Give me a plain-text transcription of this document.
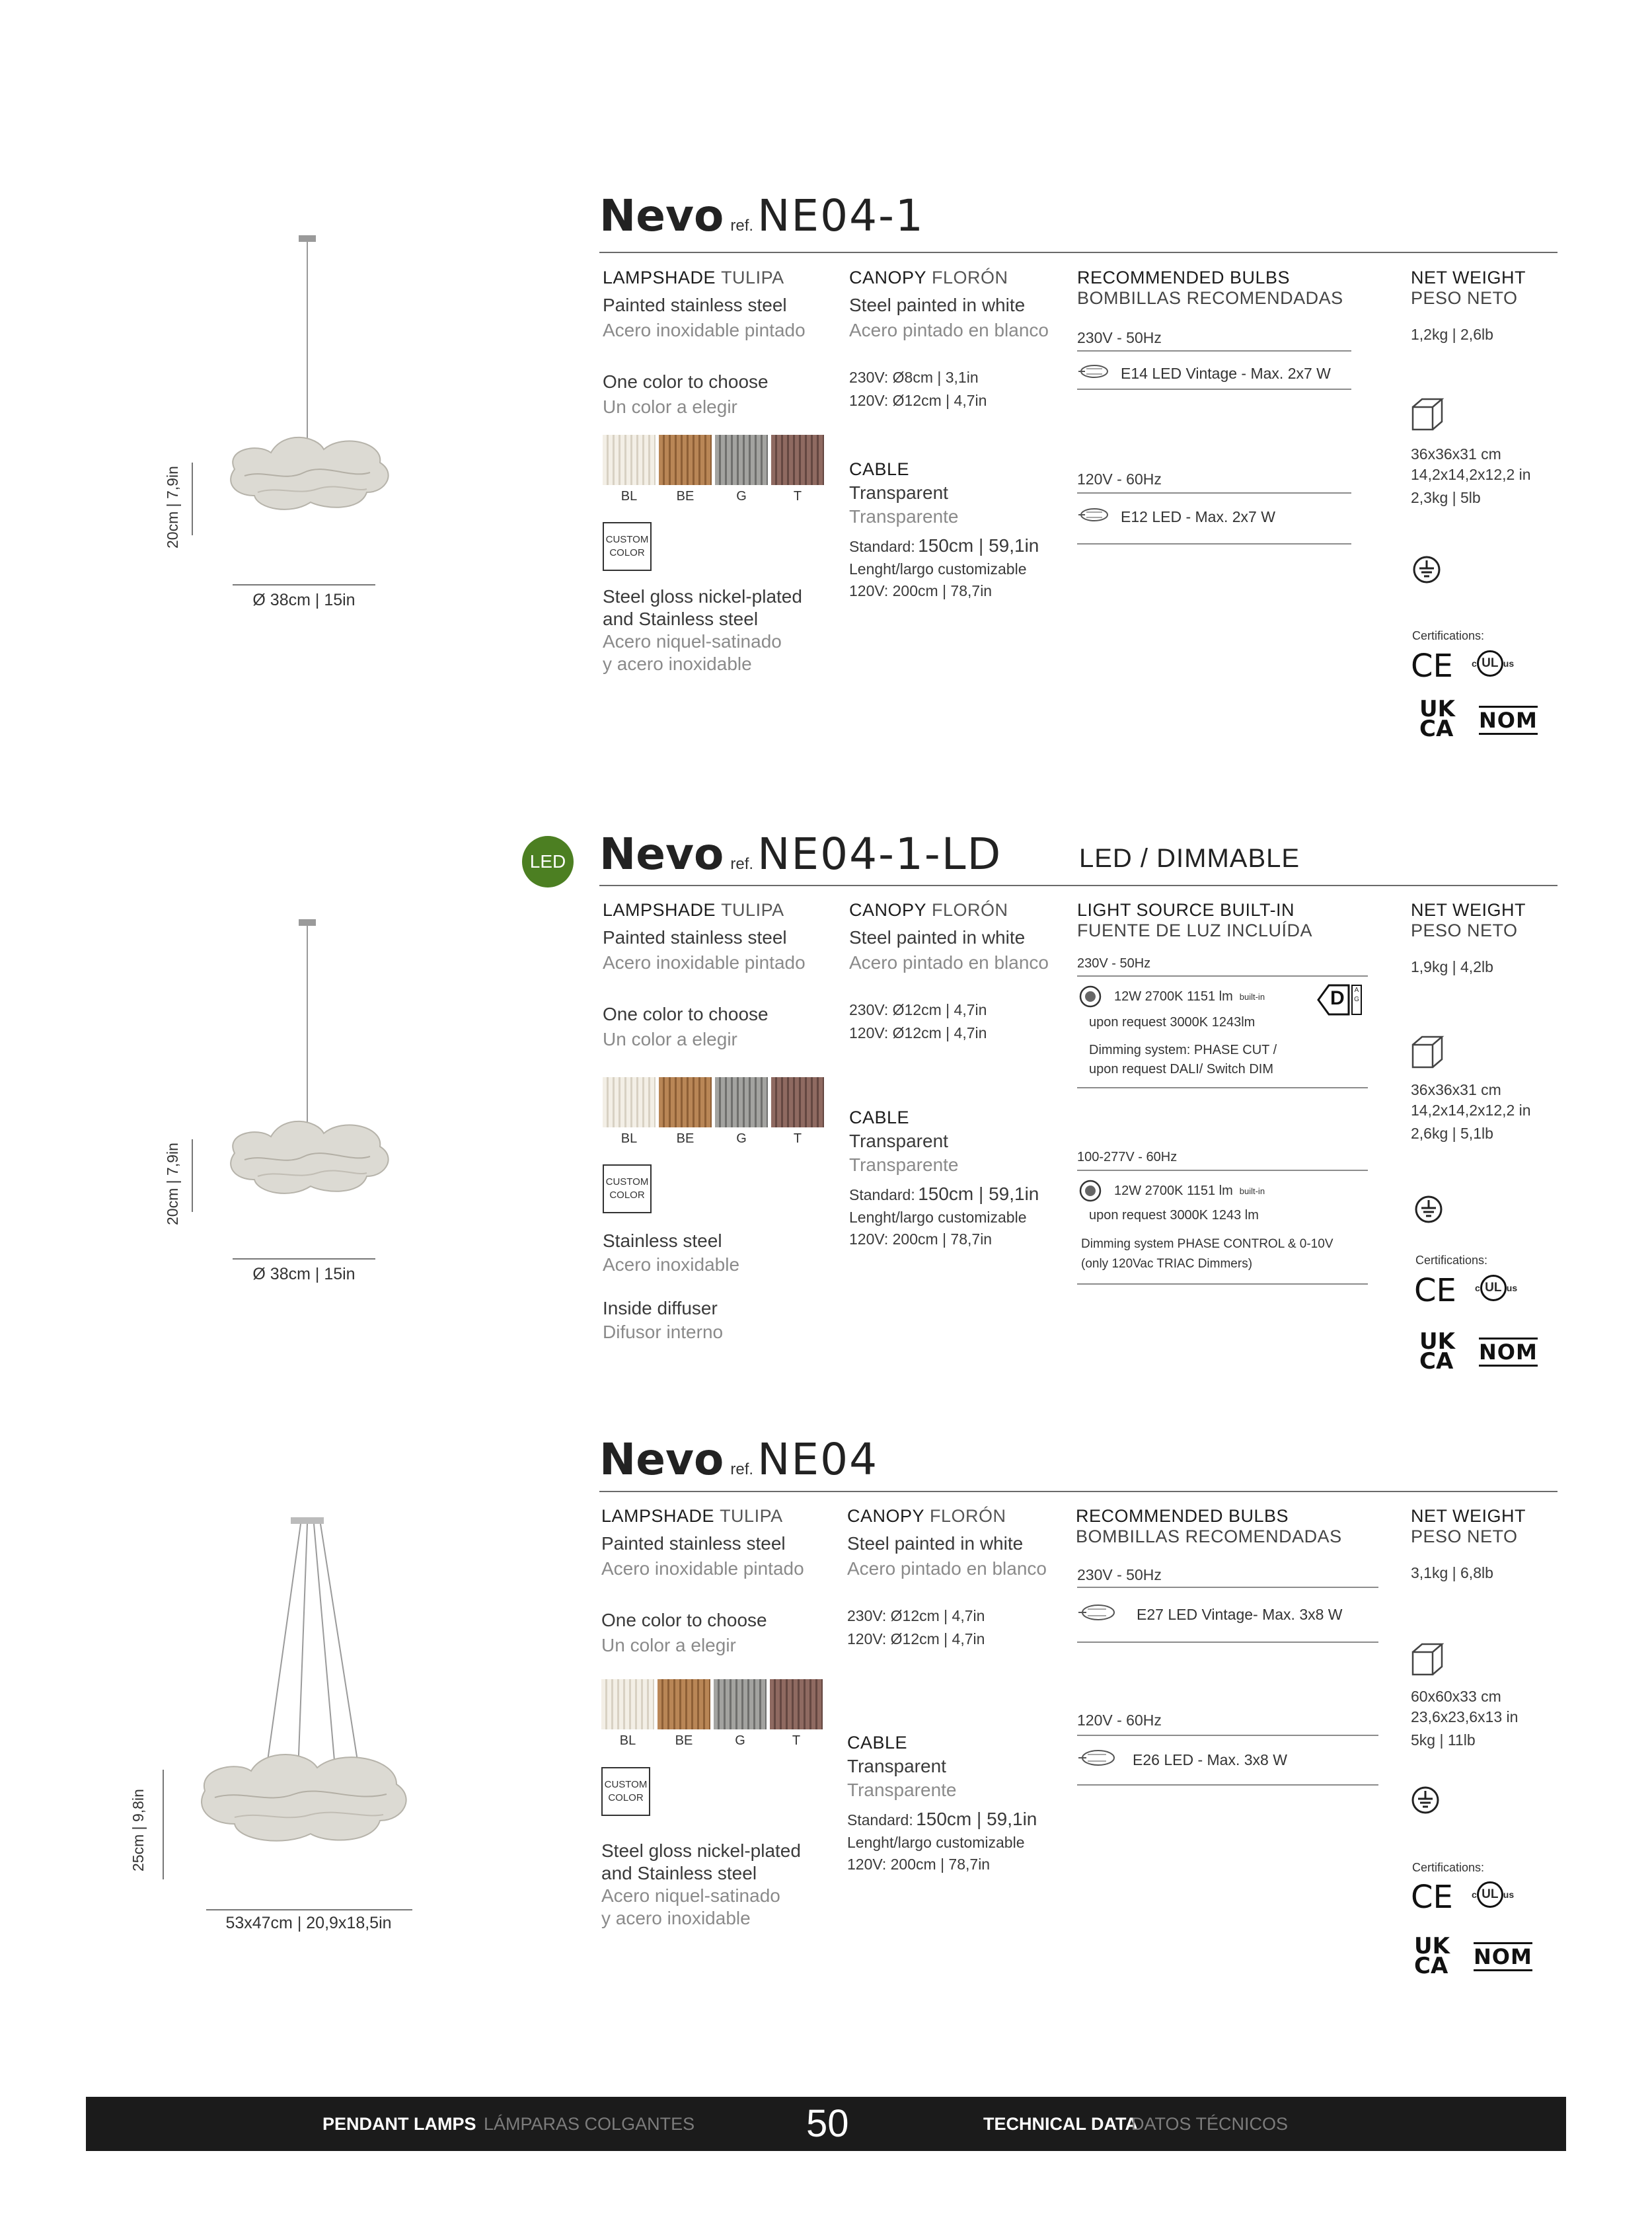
20cm | 7,9in
Ø 38cm | 15in
Nevo ref.NE04-1
LAMPSHADE TULIPA
Painted stainless steel
Acero inoxidable pintado
One color to choose
Un color a elegir
BL	BE	G	T
CUSTOM
COLOR
Steel gloss nickel-plated
and Stainless steel
Acero niquel-satinado
y acero inoxidable
CANOPY FLORÓN
Steel painted in white
Acero pintado en blanco
230V: Ø8cm | 3,1in
120V: Ø12cm | 4,7in
CABLE
Transparent
Transparente
Standard: 150cm | 59,1in
Lenght/largo customizable
120V: 200cm | 78,7in
RECOMMENDED BULBS
BOMBILLAS RECOMENDADAS
230V - 50Hz
E14 LED Vintage - Max. 2x7 W
120V - 60Hz
E12 LED - Max. 2x7 W
NET WEIGHT
PESO NETO
1,2kg | 2,6lb
36x36x31 cm
14,2x14,2x12,2 in
2,3kg | 5lb
Certifications:
CE c UL us
UK
CA NOM
20cm | 7,9in
Ø 38cm | 15in
LED Nevo ref.NE04-1-LD	LED / DIMMABLE
LAMPSHADE TULIPA
Painted stainless steel
Acero inoxidable pintado
One color to choose
Un color a elegir
BL	BE	G	T
CUSTOM
COLOR
Stainless steel
Acero inoxidable
Inside diffuser
Difusor interno
CANOPY FLORÓN
Steel painted in white
Acero pintado en blanco
230V: Ø12cm | 4,7in
120V: Ø12cm | 4,7in
CABLE
Transparent
Transparente
Standard: 150cm | 59,1in
Lenght/largo customizable
120V: 200cm | 78,7in
LIGHT SOURCE BUILT-IN
FUENTE DE LUZ INCLUÍDA
230V - 50Hz
12W 2700K 1151 lm built-in	D	A G
upon request 3000K 1243lm
Dimming system: PHASE CUT /
upon request DALI/ Switch DIM
100-277V - 60Hz
12W 2700K 1151 lm built-in
upon request 3000K 1243 lm
Dimming system PHASE CONTROL & 0-10V
(only 120Vac TRIAC Dimmers)
NET WEIGHT
PESO NETO
1,9kg | 4,2lb
36x36x31 cm
14,2x14,2x12,2 in
2,6kg | 5,1lb
Certifications:
CE c UL us
UK
CA NOM
25cm | 9,8in
53x47cm | 20,9x18,5in
Nevo ref.NE04
LAMPSHADE TULIPA
Painted stainless steel
Acero inoxidable pintado
One color to choose
Un color a elegir
BL	BE	G	T
CUSTOM
COLOR
Steel gloss nickel-plated
and Stainless steel
Acero niquel-satinado
y acero inoxidable
CANOPY FLORÓN
Steel painted in white
Acero pintado en blanco
230V: Ø12cm | 4,7in
120V: Ø12cm | 4,7in
CABLE
Transparent
Transparente
Standard: 150cm | 59,1in
Lenght/largo customizable
120V: 200cm | 78,7in
RECOMMENDED BULBS
BOMBILLAS RECOMENDADAS
230V - 50Hz
E27 LED Vintage- Max. 3x8 W
120V - 60Hz
E26 LED - Max. 3x8 W
NET WEIGHT
PESO NETO
3,1kg | 6,8lb
60x60x33 cm
23,6x23,6x13 in
5kg | 11lb
Certifications:
CE c UL us
UK
CA NOM
PENDANT LAMPS LÁMPARAS COLGANTES	50	TECHNICAL DATA
DATOS TÉCNICOS
